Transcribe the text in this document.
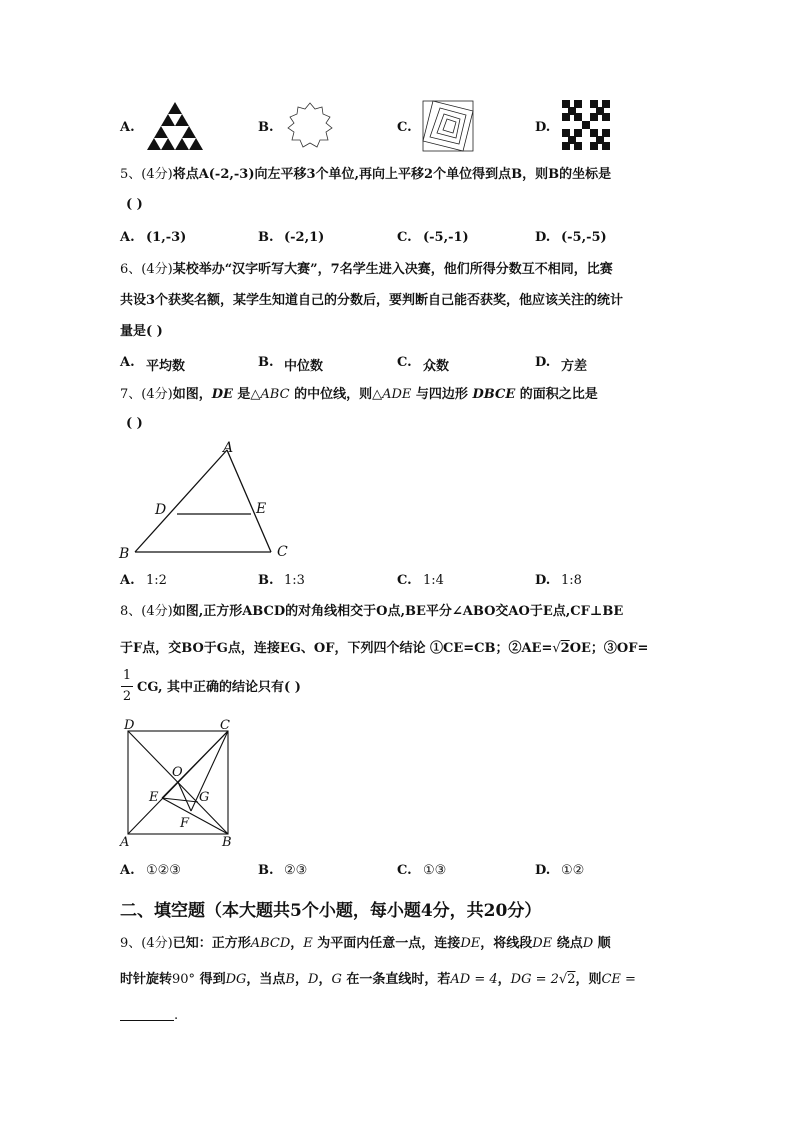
A.	B.	C.	D.
5、(4分)将点A(-2,-3)向左平移3个单位,再向上平移2个单位得到点B，则B的坐标是
( )
A. (1,-3)	B. (-2,1)	C. (-5,-1)	D. (-5,-5)
6、(4分)某校举办“汉字听写大赛”，7名学生进入决赛，他们所得分数互不相同，比赛
共设3个获奖名额，某学生知道自己的分数后，要判断自己能否获奖，他应该关注的统计
量是( )
A. 平均数	B. 中位数	C. 众数	D. 方差
7、(4分)如图，DE 是△ABC 的中位线，则△ADE 与四边形 DBCE 的面积之比是
( )
A
D	E
B	C
A. 1:2	B. 1:3	C. 1:4	D. 1:8
8、(4分)如图,正方形ABCD的对角线相交于O点,BE平分∠ABO交AO于E点,CF⊥BE
于F点，交BO于G点，连接EG、OF，下列四个结论 ①CE=CB；②AE=√2OE；③OF=
1
2
CG, 其中正确的结论只有( )
D	C
O
E	G
F
A	B
A. ①②③	B. ②③	C. ①③	D. ①②
二、填空题（本大题共5个小题，每小题4分，共20分）
9、(4分)已知：正方形ABCD，E 为平面内任意一点，连接DE，将线段DE 绕点D 顺
时针旋转90° 得到DG，当点B，D，G 在一条直线时，若AD = 4，DG = 2√2，则CE =
.
